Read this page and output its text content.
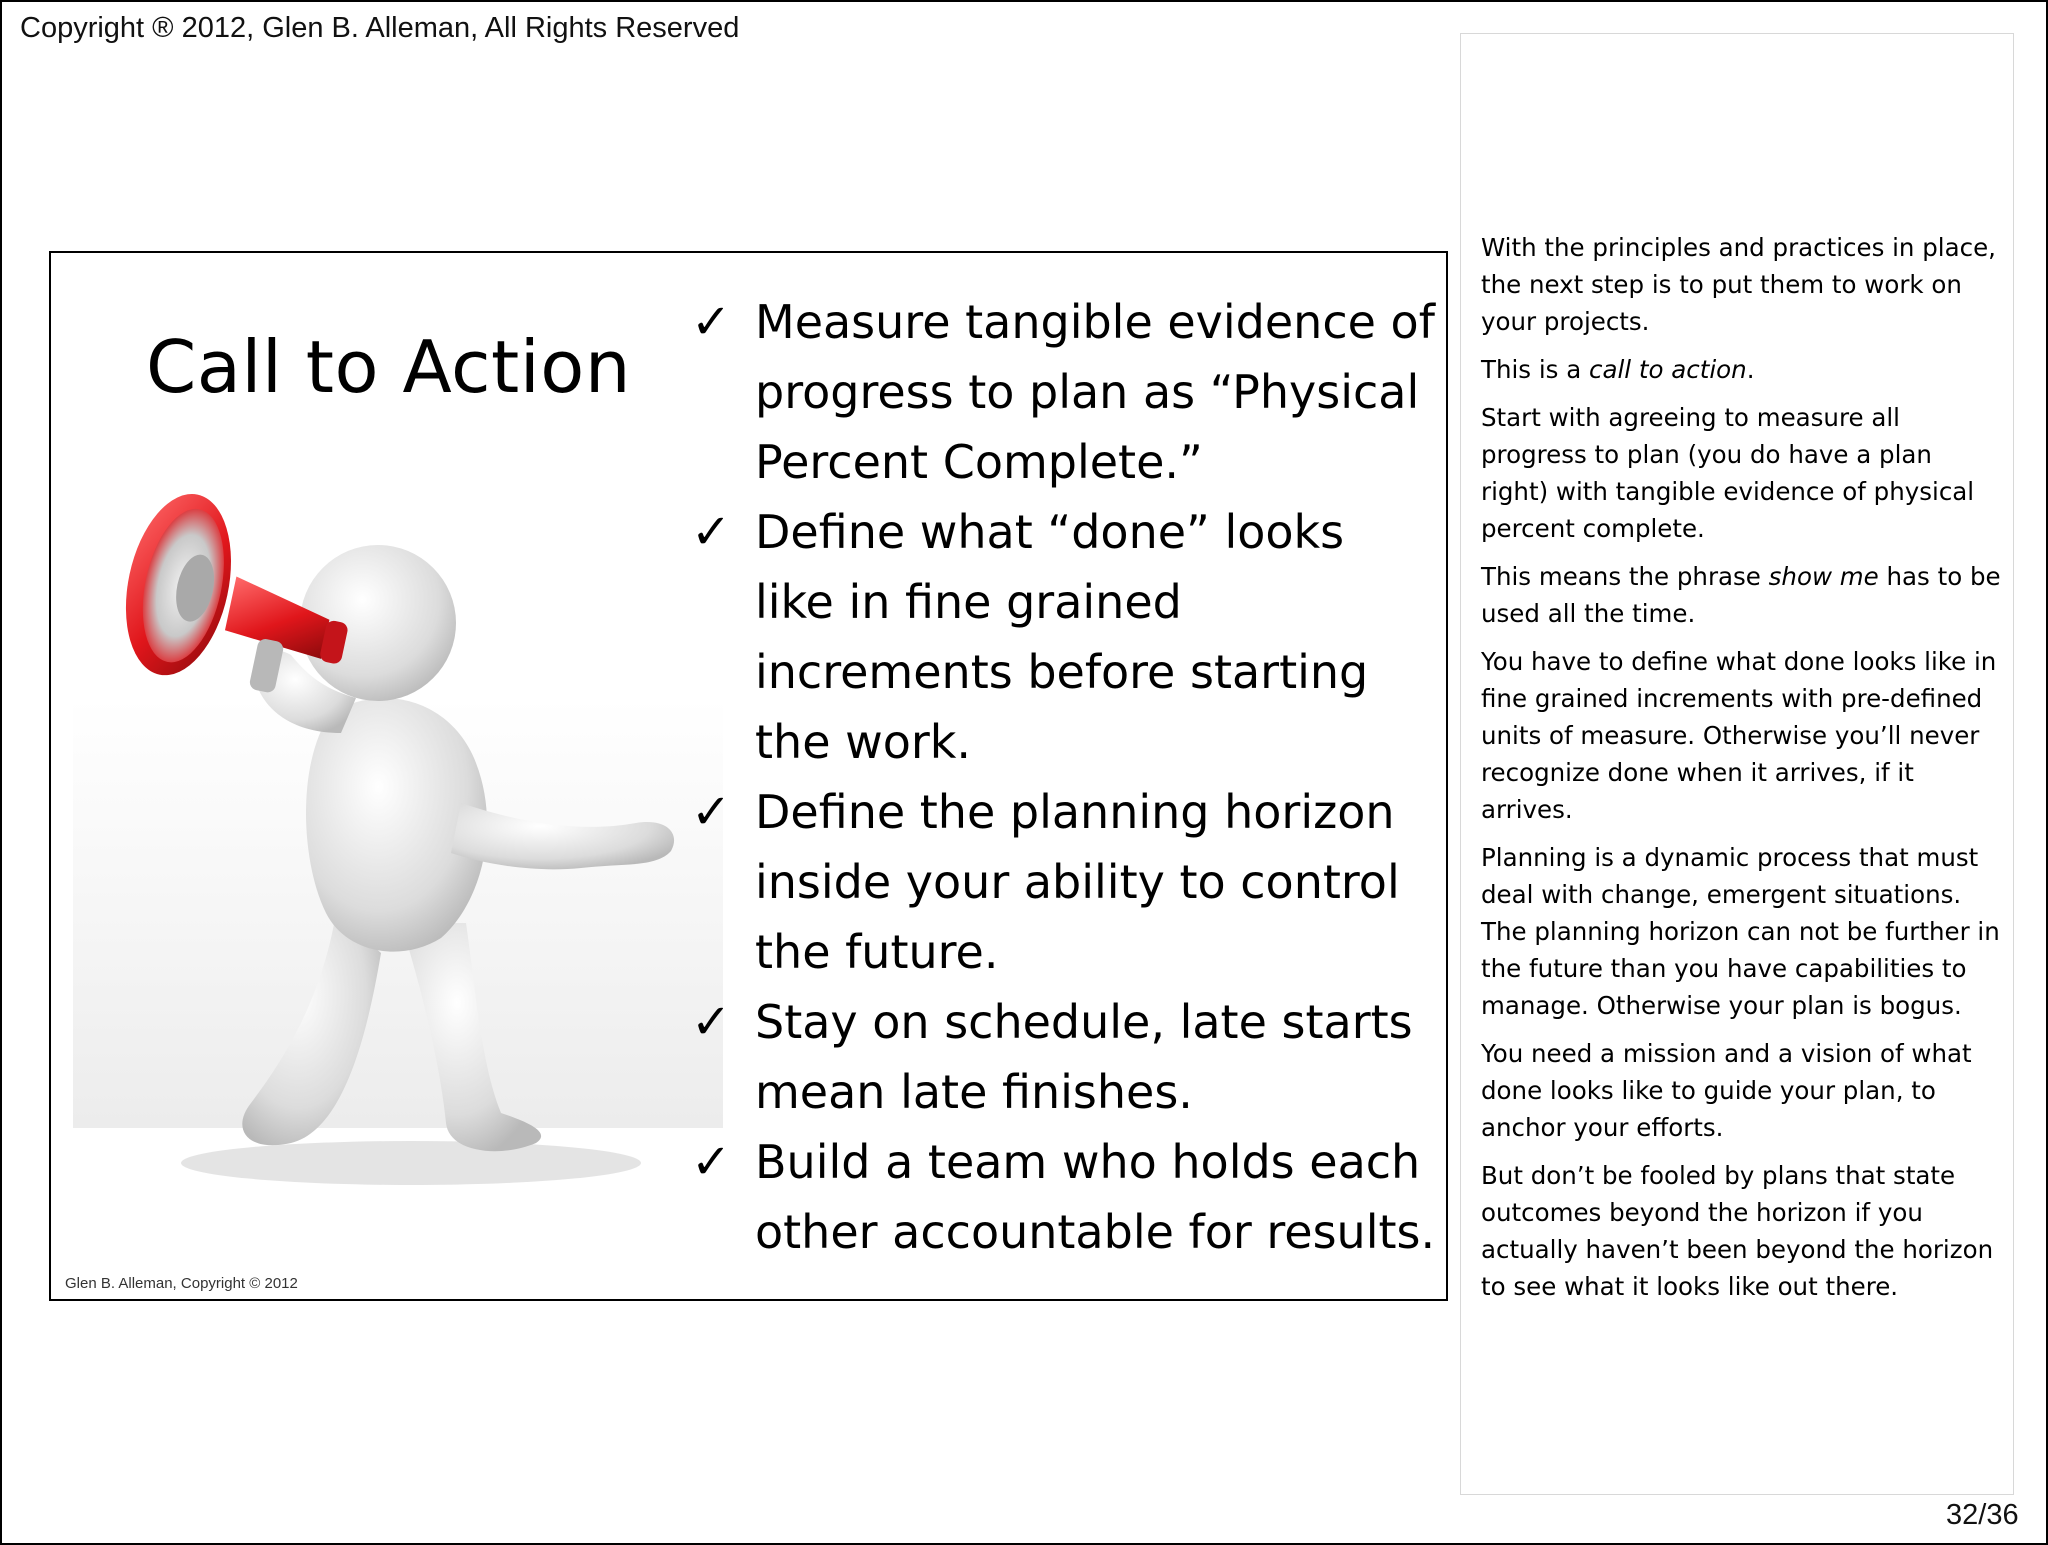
Copyright ® 2012, Glen B. Alleman, All Rights Reserved
Call to Action
✓ Measure tangible evidence of progress to plan as “Physical Percent Complete.”
✓ Define what “done” looks like in fine grained increments before starting the work.
✓ Define the planning horizon inside your ability to control the future.
✓ Stay on schedule, late starts mean late finishes.
✓ Build a team who holds each other accountable for results.
Glen B. Alleman, Copyright © 2012

With the principles and practices in place, the next step is to put them to work on your projects.

This is a call to action.

Start with agreeing to measure all progress to plan (you do have a plan right) with tangible evidence of physical percent complete.

This means the phrase show me has to be used all the time.

You have to define what done looks like in fine grained increments with pre-defined units of measure. Otherwise you’ll never recognize done when it arrives, if it arrives.

Planning is a dynamic process that must deal with change, emergent situations. The planning horizon can not be further in the future than you have capabilities to manage. Otherwise your plan is bogus.

You need a mission and a vision of what done looks like to guide your plan, to anchor your efforts.

But don’t be fooled by plans that state outcomes beyond the horizon if you actually haven’t been beyond the horizon to see what it looks like out there.

32/36
